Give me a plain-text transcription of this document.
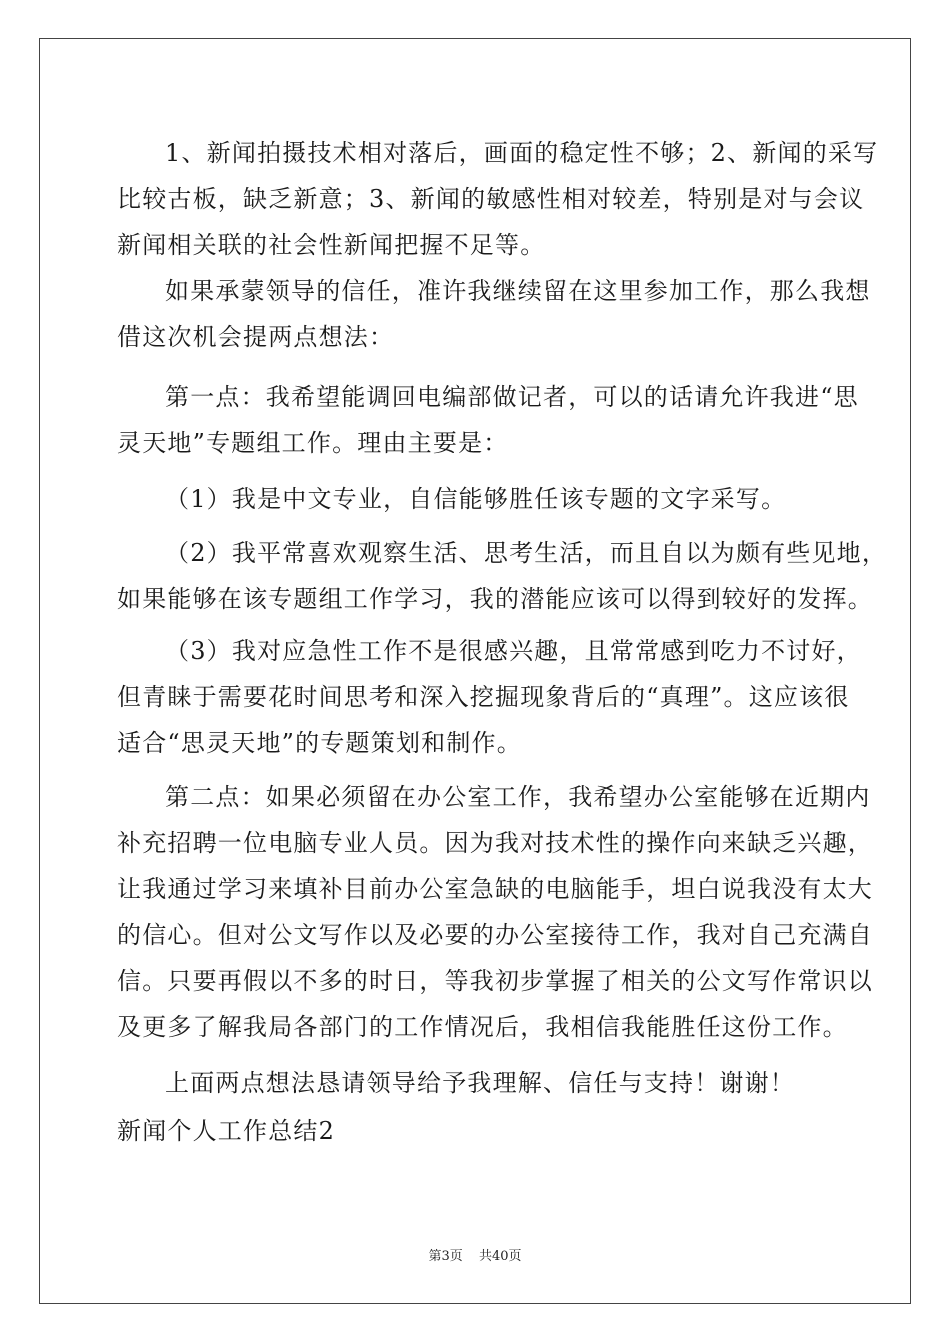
1、新闻拍摄技术相对落后，画面的稳定性不够；2、新闻的采写
比较古板，缺乏新意；3、新闻的敏感性相对较差，特别是对与会议
新闻相关联的社会性新闻把握不足等。
如果承蒙领导的信任，准许我继续留在这里参加工作，那么我想
借这次机会提两点想法：
第一点：我希望能调回电编部做记者，可以的话请允许我进“思
灵天地”专题组工作。理由主要是：
（1）我是中文专业，自信能够胜任该专题的文字采写。
（2）我平常喜欢观察生活、思考生活，而且自以为颇有些见地，
如果能够在该专题组工作学习，我的潜能应该可以得到较好的发挥。
（3）我对应急性工作不是很感兴趣，且常常感到吃力不讨好，
但青睐于需要花时间思考和深入挖掘现象背后的“真理”。这应该很
适合“思灵天地”的专题策划和制作。
第二点：如果必须留在办公室工作，我希望办公室能够在近期内
补充招聘一位电脑专业人员。因为我对技术性的操作向来缺乏兴趣，
让我通过学习来填补目前办公室急缺的电脑能手，坦白说我没有太大
的信心。但对公文写作以及必要的办公室接待工作，我对自己充满自
信。只要再假以不多的时日，等我初步掌握了相关的公文写作常识以
及更多了解我局各部门的工作情况后，我相信我能胜任这份工作。
上面两点想法恳请领导给予我理解、信任与支持！谢谢！
新闻个人工作总结2
第3页 共40页
